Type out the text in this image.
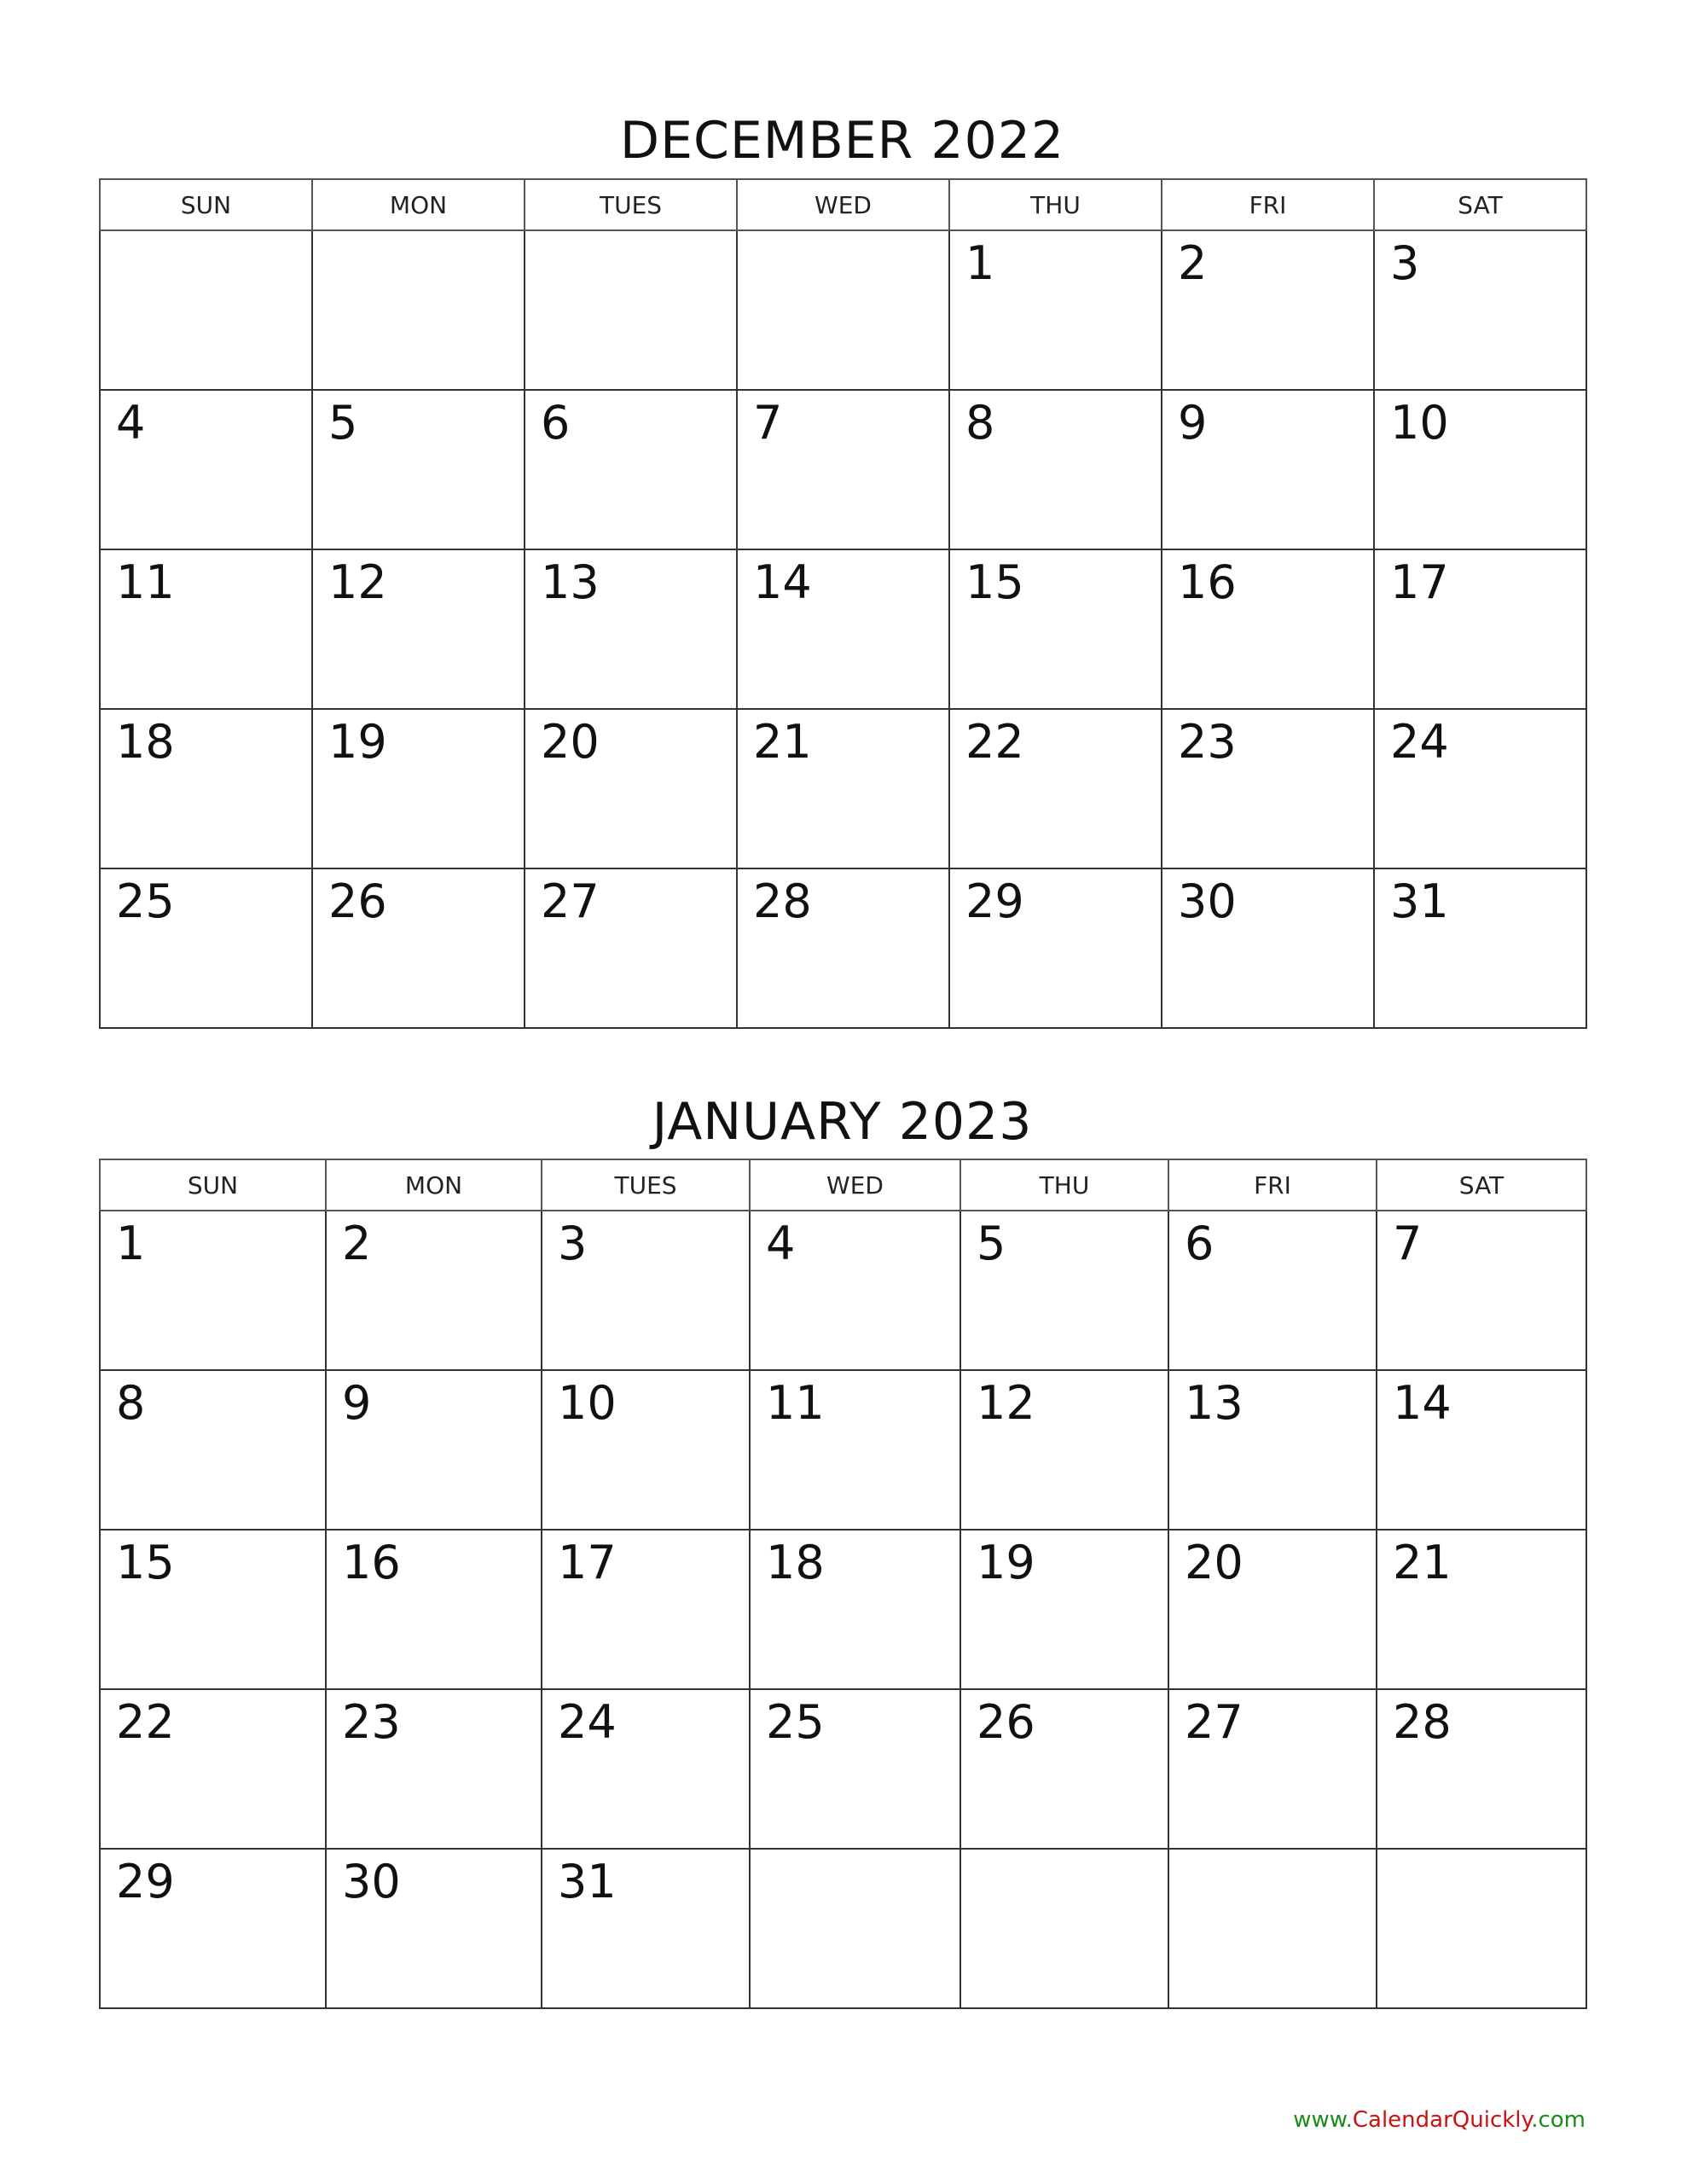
DECEMBER 2022
SUN	MON	TUES	WED	THU	FRI	SAT

				1	2	3

4	5	6	7	8	9	10

11	12	13	14	15	16	17

18	19	20	21	22	23	24

25	26	27	28	29	30	31
JANUARY 2023
SUN	MON	TUES	WED	THU	FRI	SAT

1	2	3	4	5	6	7

8	9	10	11	12	13	14

15	16	17	18	19	20	21

22	23	24	25	26	27	28

29	30	31				

www.CalendarQuickly.com
